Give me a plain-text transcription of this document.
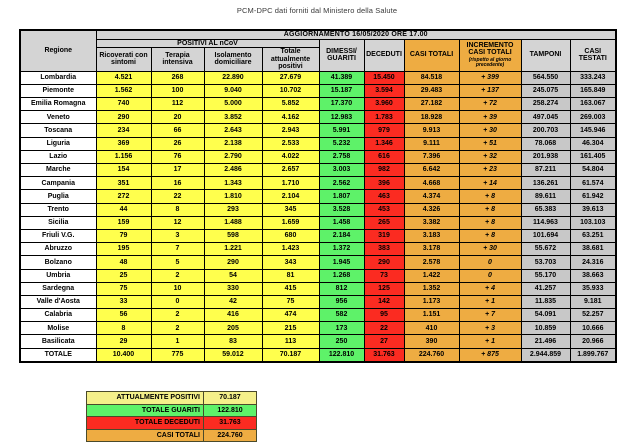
PCM-DPC dati forniti dal Ministero della Salute
Regione	AGGIORNAMENTO 16/05/2020 ORE 17.00									
	POSITIVI AL nCoV				DIMESSI/ GUARITI	DECEDUTI	CASI TOTALI	INCREMENTO CASI TOTALI
(rispetto al giorno precedente)	TAMPONI	CASI TESTATI
	Ricoverati con sintomi	Terapia intensiva	Isolamento domiciliare	Totale attualmente positivi						
Lombardia	4.521	268	22.890	27.679	41.389	15.450	84.518	+ 399	564.550	333.243
Piemonte	1.562	100	9.040	10.702	15.187	3.594	29.483	+ 137	245.075	165.849
Emilia Romagna	740	112	5.000	5.852	17.370	3.960	27.182	+ 72	258.274	163.067
Veneto	290	20	3.852	4.162	12.983	1.783	18.928	+ 39	497.045	269.003
Toscana	234	66	2.643	2.943	5.991	979	9.913	+ 30	200.703	145.946
Liguria	369	26	2.138	2.533	5.232	1.346	9.111	+ 51	78.068	46.304
Lazio	1.156	76	2.790	4.022	2.758	616	7.396	+ 32	201.938	161.405
Marche	154	17	2.486	2.657	3.003	982	6.642	+ 23	87.211	54.804
Campania	351	16	1.343	1.710	2.562	396	4.668	+ 14	136.261	61.574
Puglia	272	22	1.810	2.104	1.807	463	4.374	+ 8	89.611	61.942
Trento	44	8	293	345	3.528	453	4.326	+ 8	65.383	39.613
Sicilia	159	12	1.488	1.659	1.458	265	3.382	+ 8	114.963	103.103
Friuli V.G.	79	3	598	680	2.184	319	3.183	+ 8	101.694	63.251
Abruzzo	195	7	1.221	1.423	1.372	383	3.178	+ 30	55.672	38.681
Bolzano	48	5	290	343	1.945	290	2.578	0	53.703	24.316
Umbria	25	2	54	81	1.268	73	1.422	0	55.170	38.663
Sardegna	75	10	330	415	812	125	1.352	+ 4	41.257	35.933
Valle d'Aosta	33	0	42	75	956	142	1.173	+ 1	11.835	9.181
Calabria	56	2	416	474	582	95	1.151	+ 7	54.091	52.257
Molise	8	2	205	215	173	22	410	+ 3	10.859	10.666
Basilicata	29	1	83	113	250	27	390	+ 1	21.496	20.966
TOTALE	10.400	775	59.012	70.187	122.810	31.763	224.760	+ 875	2.944.859	1.899.767
ATTUALMENTE POSITIVI	70.187
TOTALE GUARITI	122.810
TOTALE DECEDUTI	31.763
CASI TOTALI	224.760
